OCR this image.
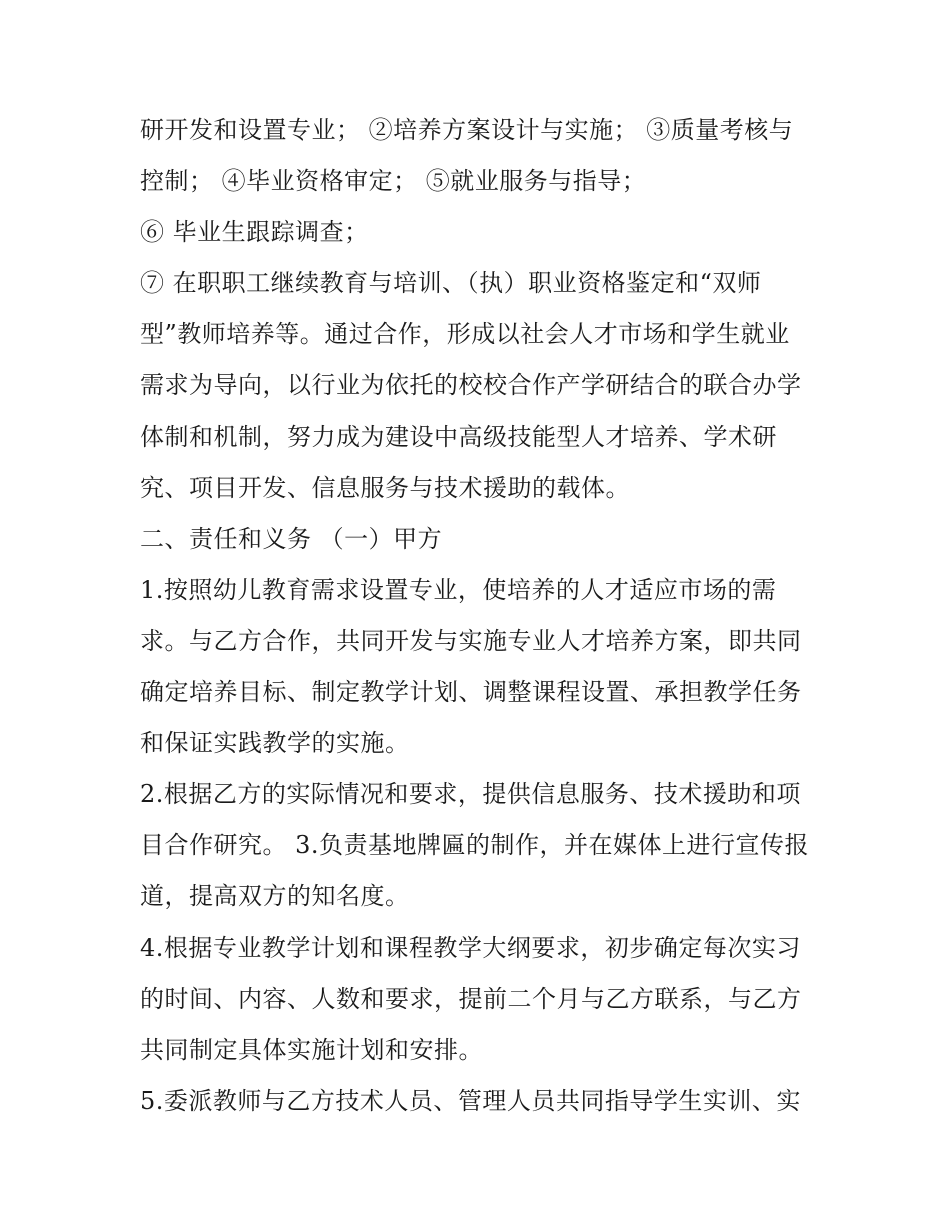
研开发和设置专业； ②培养方案设计与实施； ③质量考核与
控制； ④毕业资格审定； ⑤就业服务与指导；
⑥ 毕业生跟踪调查；
⑦ 在职职工继续教育与培训、（执）职业资格鉴定和“双师
型”教师培养等。通过合作，形成以社会人才市场和学生就业
需求为导向，以行业为依托的校校合作产学研结合的联合办学
体制和机制，努力成为建设中高级技能型人才培养、学术研
究、项目开发、信息服务与技术援助的载体。
二、责任和义务 （一）甲方
1.按照幼儿教育需求设置专业，使培养的人才适应市场的需
求。与乙方合作，共同开发与实施专业人才培养方案，即共同
确定培养目标、制定教学计划、调整课程设置、承担教学任务
和保证实践教学的实施。
2.根据乙方的实际情况和要求，提供信息服务、技术援助和项
目合作研究。 3.负责基地牌匾的制作，并在媒体上进行宣传报
道，提高双方的知名度。
4.根据专业教学计划和课程教学大纲要求，初步确定每次实习
的时间、内容、人数和要求，提前二个月与乙方联系，与乙方
共同制定具体实施计划和安排。
5.委派教师与乙方技术人员、管理人员共同指导学生实训、实
